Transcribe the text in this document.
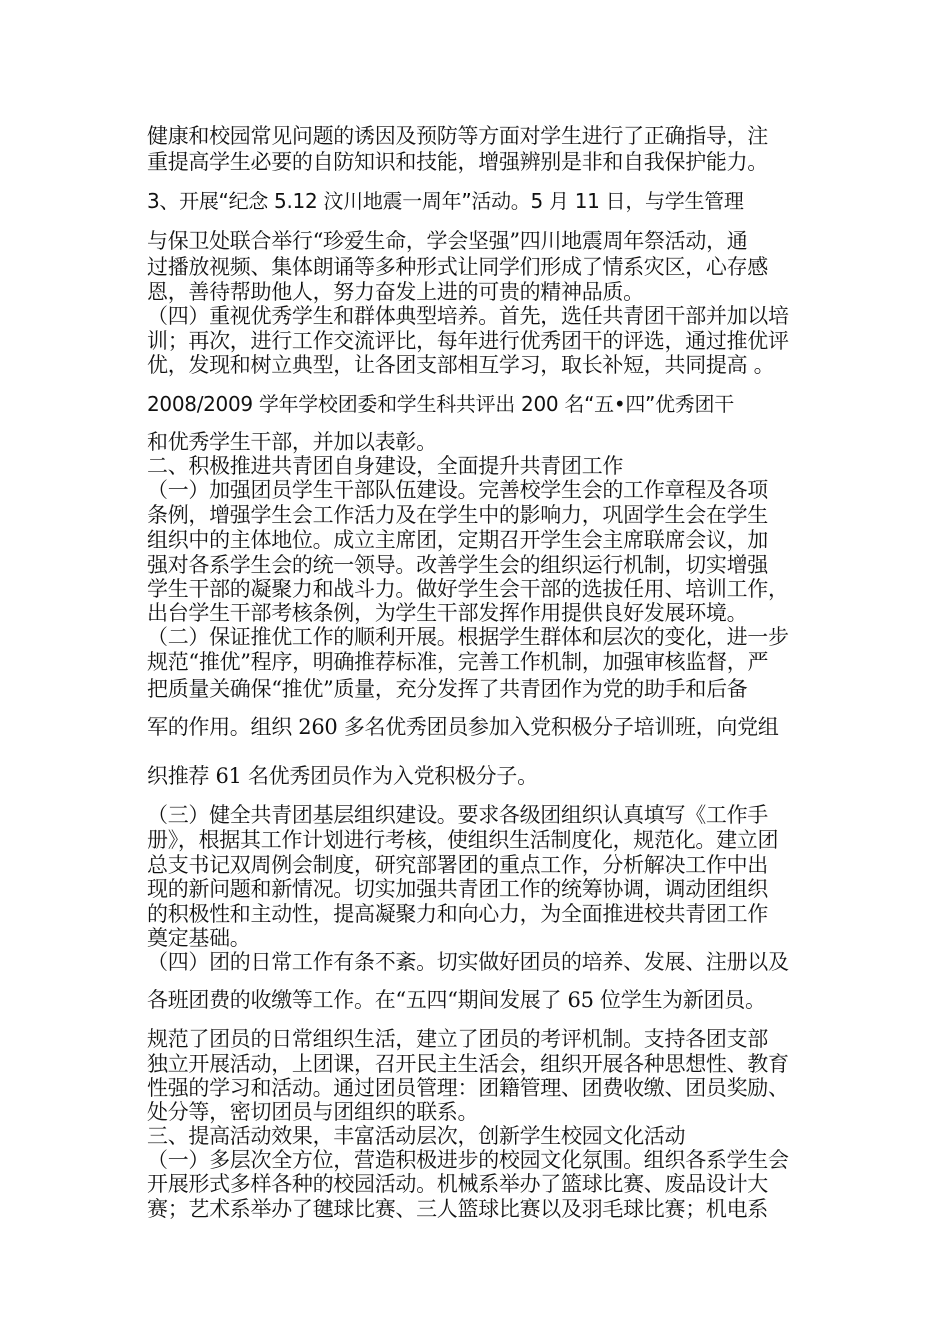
健康和校园常见问题的诱因及预防等方面对学生进行了正确指导，注
重提高学生必要的自防知识和技能，增强辨别是非和自我保护能力。
3、开展“纪念 5.12 汶川地震一周年”活动。5 月 11 日，与学生管理
与保卫处联合举行“珍爱生命，学会坚强”四川地震周年祭活动，通
过播放视频、集体朗诵等多种形式让同学们形成了情系灾区，心存感
恩，善待帮助他人，努力奋发上进的可贵的精神品质。
（四）重视优秀学生和群体典型培养。首先，选任共青团干部并加以培
训；再次，进行工作交流评比，每年进行优秀团干的评选，通过推优评
优，发现和树立典型，让各团支部相互学习，取长补短，共同提高 。
2008/2009 学年学校团委和学生科共评出 200 名“五•四”优秀团干
和优秀学生干部，并加以表彰。
二、积极推进共青团自身建设，全面提升共青团工作
（一）加强团员学生干部队伍建设。完善校学生会的工作章程及各项
条例，增强学生会工作活力及在学生中的影响力，巩固学生会在学生
组织中的主体地位。成立主席团，定期召开学生会主席联席会议，加
强对各系学生会的统一领导。改善学生会的组织运行机制，切实增强
学生干部的凝聚力和战斗力。做好学生会干部的选拔任用、培训工作，
出台学生干部考核条例，为学生干部发挥作用提供良好发展环境。
（二）保证推优工作的顺利开展。根据学生群体和层次的变化，进一步
规范“推优”程序，明确推荐标准，完善工作机制，加强审核监督，严
把质量关确保“推优”质量，充分发挥了共青团作为党的助手和后备
军的作用。组织 260 多名优秀团员参加入党积极分子培训班，向党组
织推荐 61 名优秀团员作为入党积极分子。
（三）健全共青团基层组织建设。要求各级团组织认真填写《工作手
册》，根据其工作计划进行考核，使组织生活制度化，规范化。建立团
总支书记双周例会制度，研究部署团的重点工作，分析解决工作中出
现的新问题和新情况。切实加强共青团工作的统筹协调，调动团组织
的积极性和主动性，提高凝聚力和向心力，为全面推进校共青团工作
奠定基础。
（四）团的日常工作有条不紊。切实做好团员的培养、发展、注册以及
各班团费的收缴等工作。在“五四“期间发展了 65 位学生为新团员。
规范了团员的日常组织生活，建立了团员的考评机制。支持各团支部
独立开展活动，上团课，召开民主生活会，组织开展各种思想性、教育
性强的学习和活动。通过团员管理：团籍管理、团费收缴、团员奖励、
处分等，密切团员与团组织的联系。
三、提高活动效果，丰富活动层次，创新学生校园文化活动
（一）多层次全方位，营造积极进步的校园文化氛围。组织各系学生会
开展形式多样各种的校园活动。机械系举办了篮球比赛、废品设计大
赛；艺术系举办了毽球比赛、三人篮球比赛以及羽毛球比赛；机电系
